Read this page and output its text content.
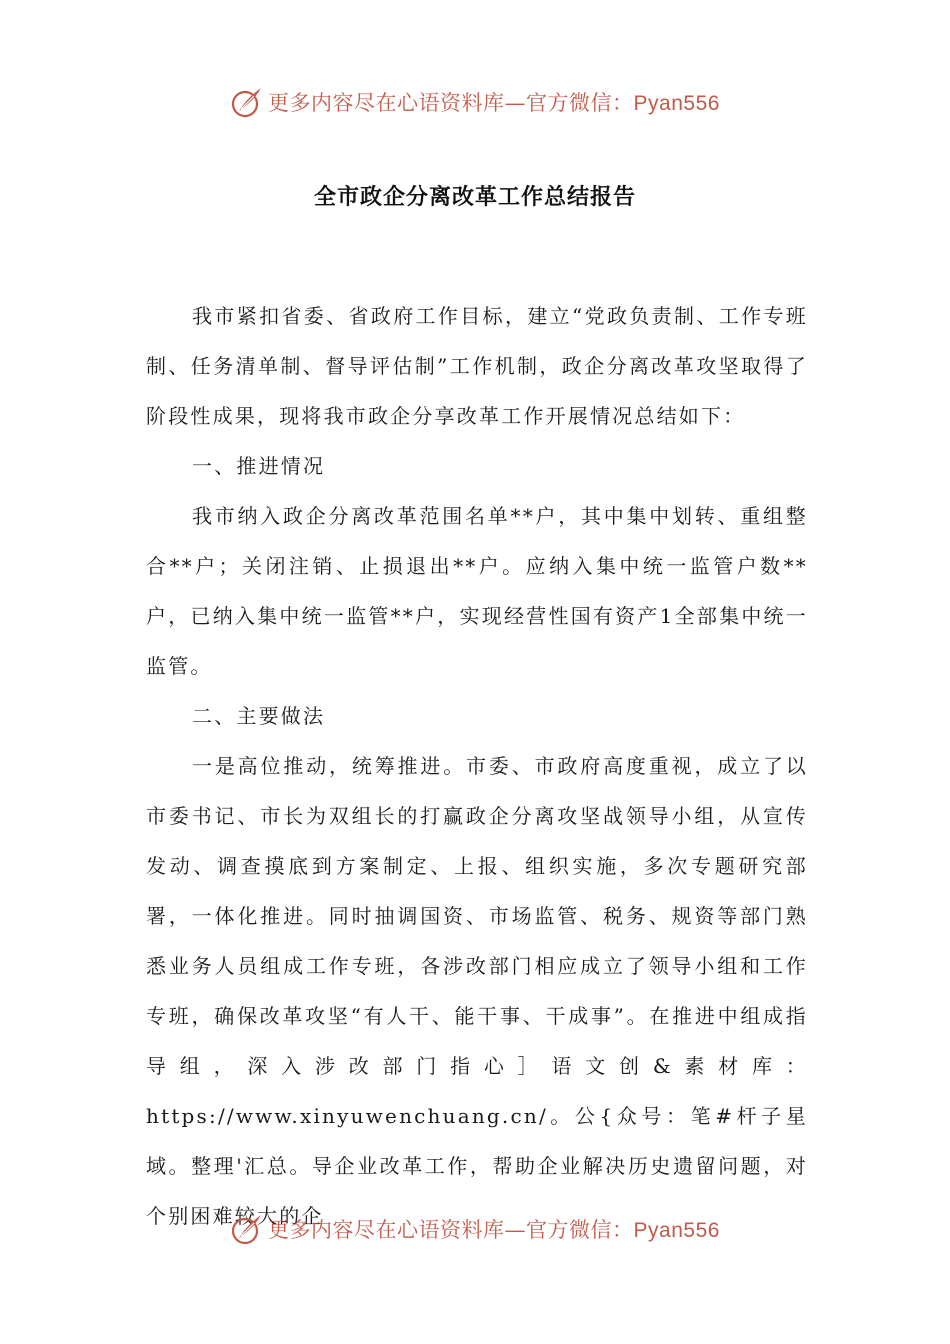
更多内容尽在心语资料库—官方微信：Pyan556
全市政企分离改革工作总结报告

我市紧扣省委、省政府工作目标，建立“党政负责制、工作专班制、任务清单制、督导评估制”工作机制，政企分离改革攻坚取得了阶段性成果，现将我市政企分享改革工作开展情况总结如下：

一、推进情况

我市纳入政企分离改革范围名单**户，其中集中划转、重组整合**户；关闭注销、止损退出**户。应纳入集中统一监管户数**户，已纳入集中统一监管**户，实现经营性国有资产1全部集中统一监管。

二、主要做法

一是高位推动，统筹推进。市委、市政府高度重视，成立了以市委书记、市长为双组长的打赢政企分离攻坚战领导小组，从宣传发动、调查摸底到方案制定、上报、组织实施，多次专题研究部署，一体化推进。同时抽调国资、市场监管、税务、规资等部门熟悉业务人员组成工作专班，各涉改部门相应成立了领导小组和工作专班，确保改革攻坚“有人干、能干事、干成事”。在推进中组成指导组，深入涉改部门指心］语文创&素材库：https://www.xinyuwenchuang.cn/。公{众号：笔#杆子星域。整理'汇总。导企业改革工作，帮助企业解决历史遗留问题，对个别困难较大的企

更多内容尽在心语资料库—官方微信：Pyan556
